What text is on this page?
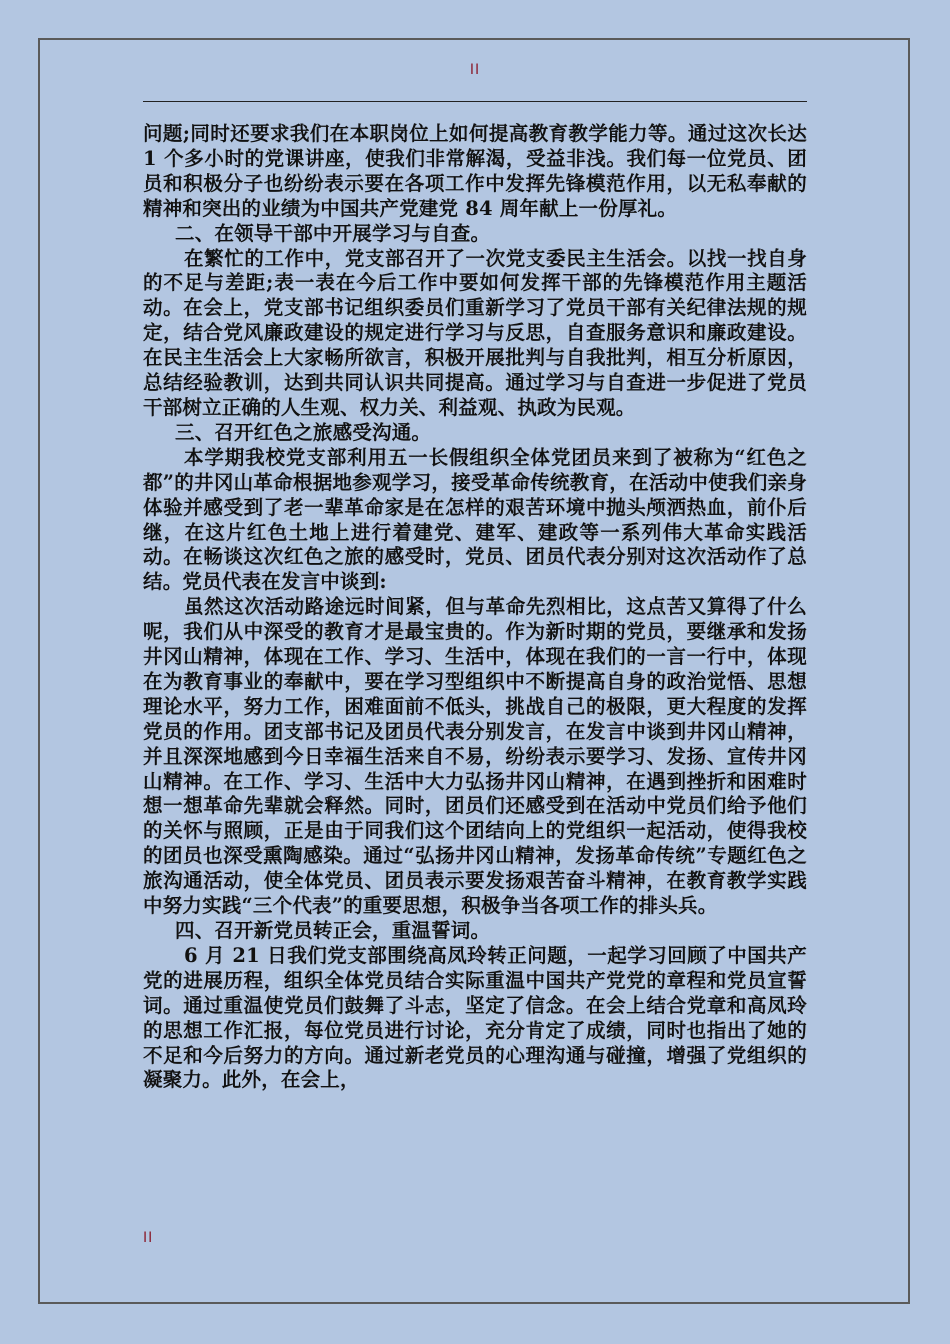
II

问题;同时还要求我们在本职岗位上如何提高教育教学能力等。通过这次长达 1 个多小时的党课讲座，使我们非常解渴，受益非浅。我们每一位党员、团员和积极分子也纷纷表示要在各项工作中发挥先锋模范作用，以无私奉献的精神和突出的业绩为中国共产党建党 84 周年献上一份厚礼。

二、在领导干部中开展学习与自查。

在繁忙的工作中，党支部召开了一次党支委民主生活会。以找一找自身的不足与差距;表一表在今后工作中要如何发挥干部的先锋模范作用主题活动。在会上，党支部书记组织委员们重新学习了党员干部有关纪律法规的规定，结合党风廉政建设的规定进行学习与反思，自查服务意识和廉政建设。在民主生活会上大家畅所欲言，积极开展批判与自我批判，相互分析原因，总结经验教训，达到共同认识共同提高。通过学习与自查进一步促进了党员干部树立正确的人生观、权力关、利益观、执政为民观。

三、召开红色之旅感受沟通。

本学期我校党支部利用五一长假组织全体党团员来到了被称为“红色之都”的井冈山革命根据地参观学习，接受革命传统教育，在活动中使我们亲身体验并感受到了老一辈革命家是在怎样的艰苦环境中抛头颅洒热血，前仆后继，在这片红色土地上进行着建党、建军、建政等一系列伟大革命实践活动。在畅谈这次红色之旅的感受时，党员、团员代表分别对这次活动作了总结。党员代表在发言中谈到:

虽然这次活动路途远时间紧，但与革命先烈相比，这点苦又算得了什么呢，我们从中深受的教育才是最宝贵的。作为新时期的党员，要继承和发扬井冈山精神，体现在工作、学习、生活中，体现在我们的一言一行中，体现在为教育事业的奉献中，要在学习型组织中不断提高自身的政治觉悟、思想理论水平，努力工作，困难面前不低头，挑战自己的极限，更大程度的发挥党员的作用。团支部书记及团员代表分别发言，在发言中谈到井冈山精神，并且深深地感到今日幸福生活来自不易，纷纷表示要学习、发扬、宣传井冈山精神。在工作、学习、生活中大力弘扬井冈山精神，在遇到挫折和困难时想一想革命先辈就会释然。同时，团员们还感受到在活动中党员们给予他们的关怀与照顾，正是由于同我们这个团结向上的党组织一起活动，使得我校的团员也深受熏陶感染。通过“弘扬井冈山精神，发扬革命传统”专题红色之旅沟通活动，使全体党员、团员表示要发扬艰苦奋斗精神，在教育教学实践中努力实践“三个代表”的重要思想，积极争当各项工作的排头兵。

四、召开新党员转正会，重温誓词。

6 月 21 日我们党支部围绕高凤玲转正问题，一起学习回顾了中国共产党的进展历程，组织全体党员结合实际重温中国共产党党的章程和党员宣誓词。通过重温使党员们鼓舞了斗志，坚定了信念。在会上结合党章和高凤玲的思想工作汇报，每位党员进行讨论，充分肯定了成绩，同时也指出了她的不足和今后努力的方向。通过新老党员的心理沟通与碰撞，增强了党组织的凝聚力。此外，在会上，

II
